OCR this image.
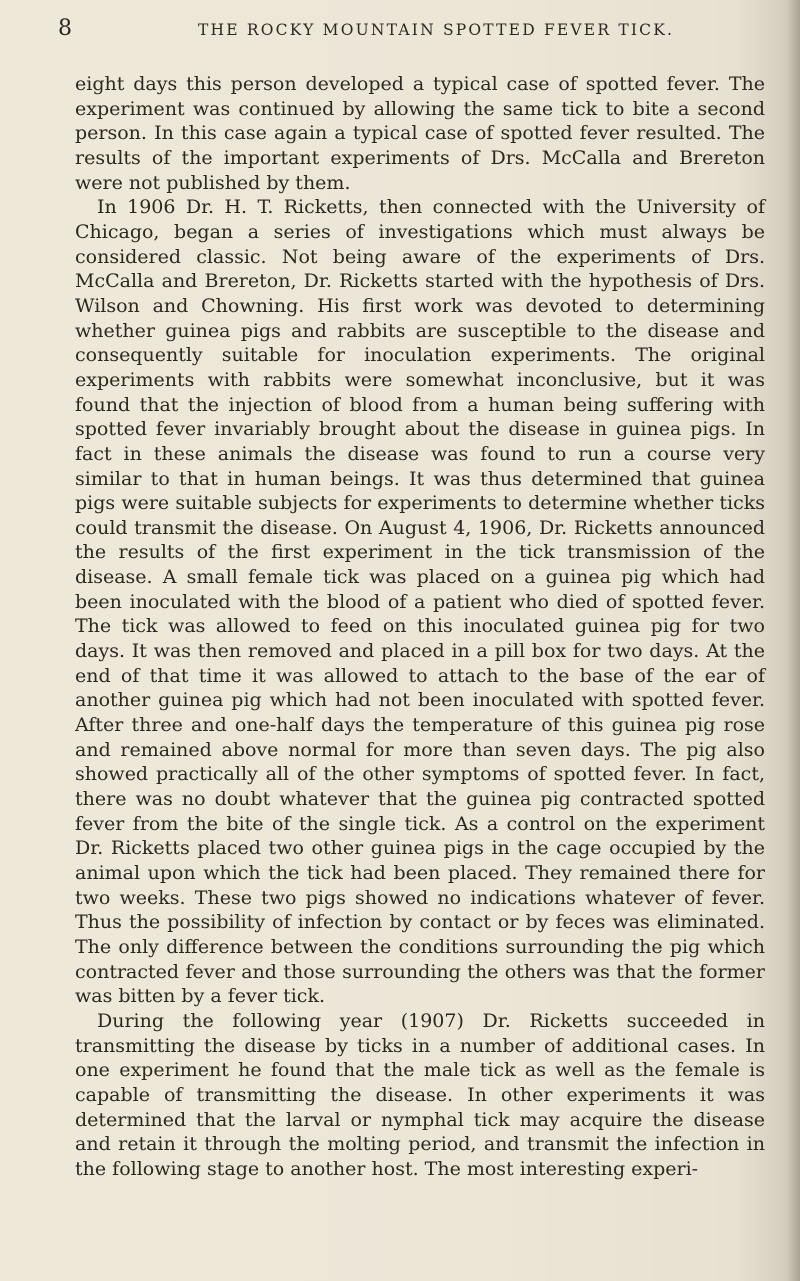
8	THE ROCKY MOUNTAIN SPOTTED FEVER TICK.

eight days this person developed a typical case of spotted fever. The experiment was continued by allowing the same tick to bite a second person. In this case again a typical case of spotted fever resulted. The results of the important experiments of Drs. McCalla and Brereton were not published by them.

In 1906 Dr. H. T. Ricketts, then connected with the University of Chicago, began a series of investigations which must always be considered classic. Not being aware of the experiments of Drs. McCalla and Brereton, Dr. Ricketts started with the hypothesis of Drs. Wilson and Chowning. His first work was devoted to determining whether guinea pigs and rabbits are susceptible to the disease and consequently suitable for inoculation experiments. The original experiments with rabbits were somewhat inconclusive, but it was found that the injection of blood from a human being suffering with spotted fever invariably brought about the disease in guinea pigs. In fact in these animals the disease was found to run a course very similar to that in human beings. It was thus determined that guinea pigs were suitable subjects for experiments to determine whether ticks could transmit the disease. On August 4, 1906, Dr. Ricketts announced the results of the first experiment in the tick transmission of the disease. A small female tick was placed on a guinea pig which had been inoculated with the blood of a patient who died of spotted fever. The tick was allowed to feed on this inoculated guinea pig for two days. It was then removed and placed in a pill box for two days. At the end of that time it was allowed to attach to the base of the ear of another guinea pig which had not been inoculated with spotted fever. After three and one-half days the temperature of this guinea pig rose and remained above normal for more than seven days. The pig also showed practically all of the other symptoms of spotted fever. In fact, there was no doubt whatever that the guinea pig contracted spotted fever from the bite of the single tick. As a control on the experiment Dr. Ricketts placed two other guinea pigs in the cage occupied by the animal upon which the tick had been placed. They remained there for two weeks. These two pigs showed no indications whatever of fever. Thus the possibility of infection by contact or by feces was eliminated. The only difference between the conditions surrounding the pig which contracted fever and those surrounding the others was that the former was bitten by a fever tick.

During the following year (1907) Dr. Ricketts succeeded in transmitting the disease by ticks in a number of additional cases. In one experiment he found that the male tick as well as the female is capable of transmitting the disease. In other experiments it was determined that the larval or nymphal tick may acquire the disease and retain it through the molting period, and transmit the infection in the following stage to another host. The most interesting experi-
